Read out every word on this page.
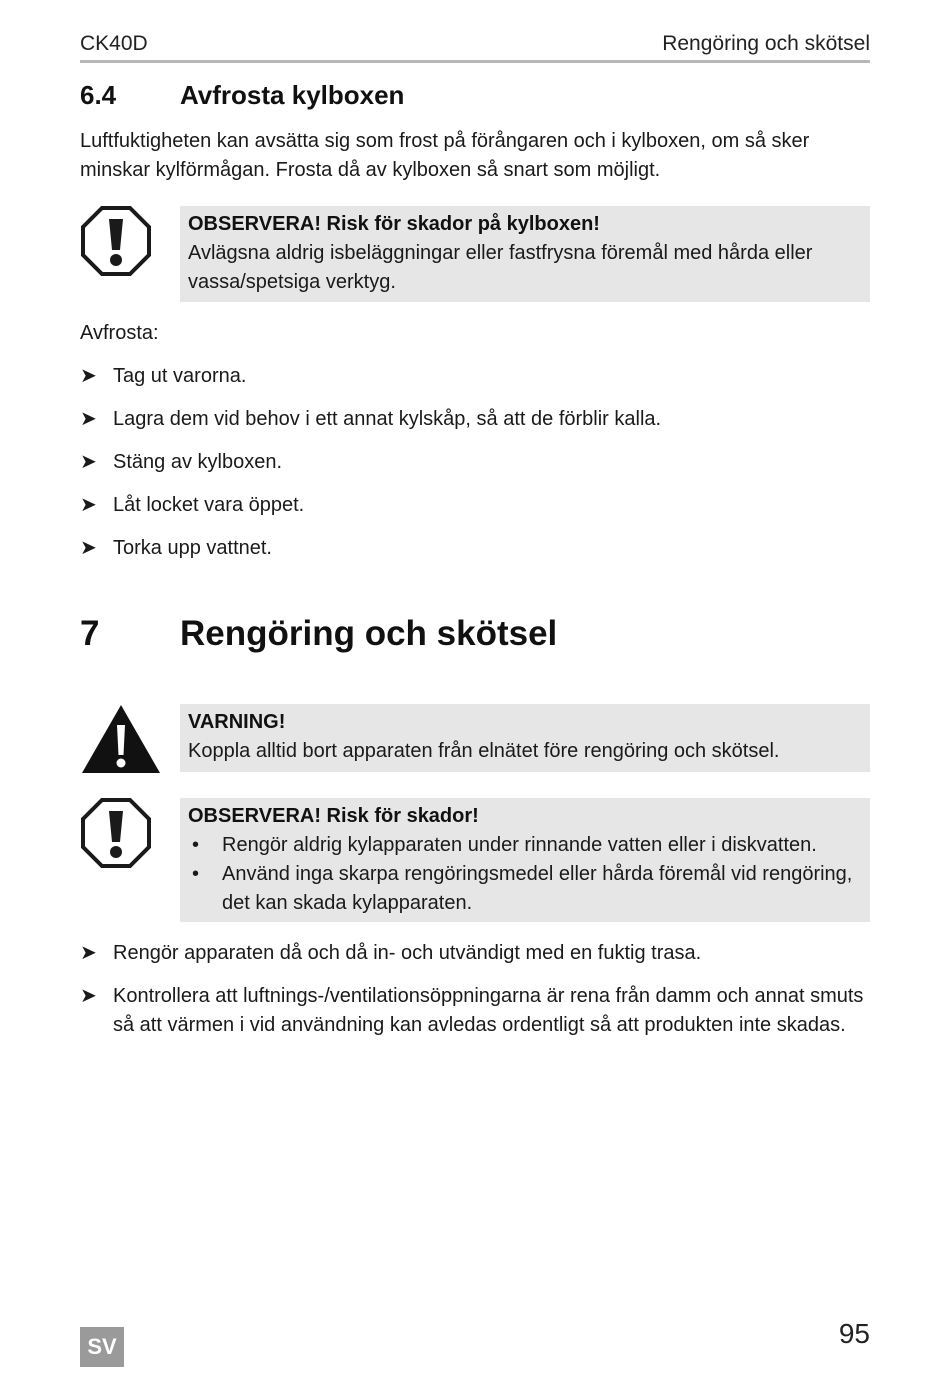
CK40D	Rengöring och skötsel
6.4	Avfrosta kylboxen
Luftfuktigheten kan avsätta sig som frost på förångaren och i kylboxen, om så sker minskar kylförmågan. Frosta då av kylboxen så snart som möjligt.
OBSERVERA! Risk för skador på kylboxen!
Avlägsna aldrig isbeläggningar eller fastfrysna föremål med hårda eller vassa/spetsiga verktyg.
Avfrosta:
➤ Tag ut varorna.
➤ Lagra dem vid behov i ett annat kylskåp, så att de förblir kalla.
➤ Stäng av kylboxen.
➤ Låt locket vara öppet.
➤ Torka upp vattnet.
7	Rengöring och skötsel
VARNING!
Koppla alltid bort apparaten från elnätet före rengöring och skötsel.
OBSERVERA! Risk för skador!
• Rengör aldrig kylapparaten under rinnande vatten eller i diskvatten.
• Använd inga skarpa rengöringsmedel eller hårda föremål vid rengöring, det kan skada kylapparaten.
➤ Rengör apparaten då och då in- och utvändigt med en fuktig trasa.
➤ Kontrollera att luftnings-/ventilationsöppningarna är rena från damm och annat smuts så att värmen i vid användning kan avledas ordentligt så att produkten inte skadas.
SV	95
